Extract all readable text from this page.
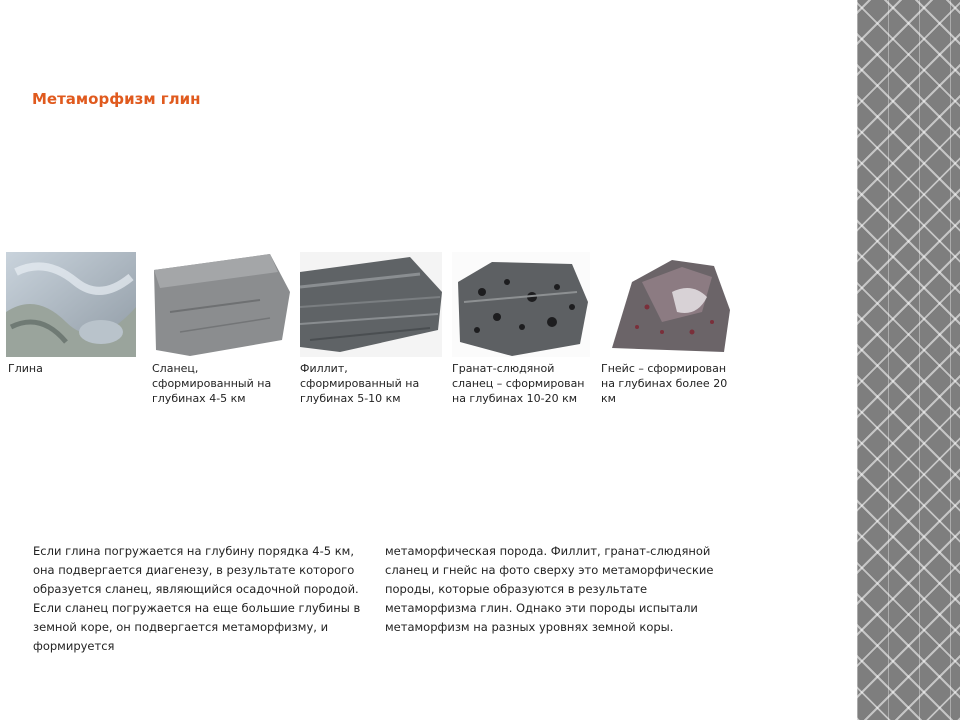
Метаморфизм глин
Глина	Сланец, сформированный на глубинах 4-5 км
Филлит, сформированный на глубинах 5-10 км
Гранат-слюдяной сланец – сформирован на глубинах 10-20 км
Гнейс – сформирован на глубинах более 20 км

Если глина погружается на глубину порядка 4-5 км, она подвергается диагенезу, в результате которого образуется сланец, являющийся осадочной породой. Если сланец погружается на еще большие глубины в земной коре, он подвергается метаморфизму, и формируется

метаморфическая порода. Филлит, гранат-слюдяной сланец и гнейс на фото сверху это метаморфические породы, которые образуются в результате метаморфизма глин. Однако эти породы испытали метаморфизм на разных уровнях земной коры.
